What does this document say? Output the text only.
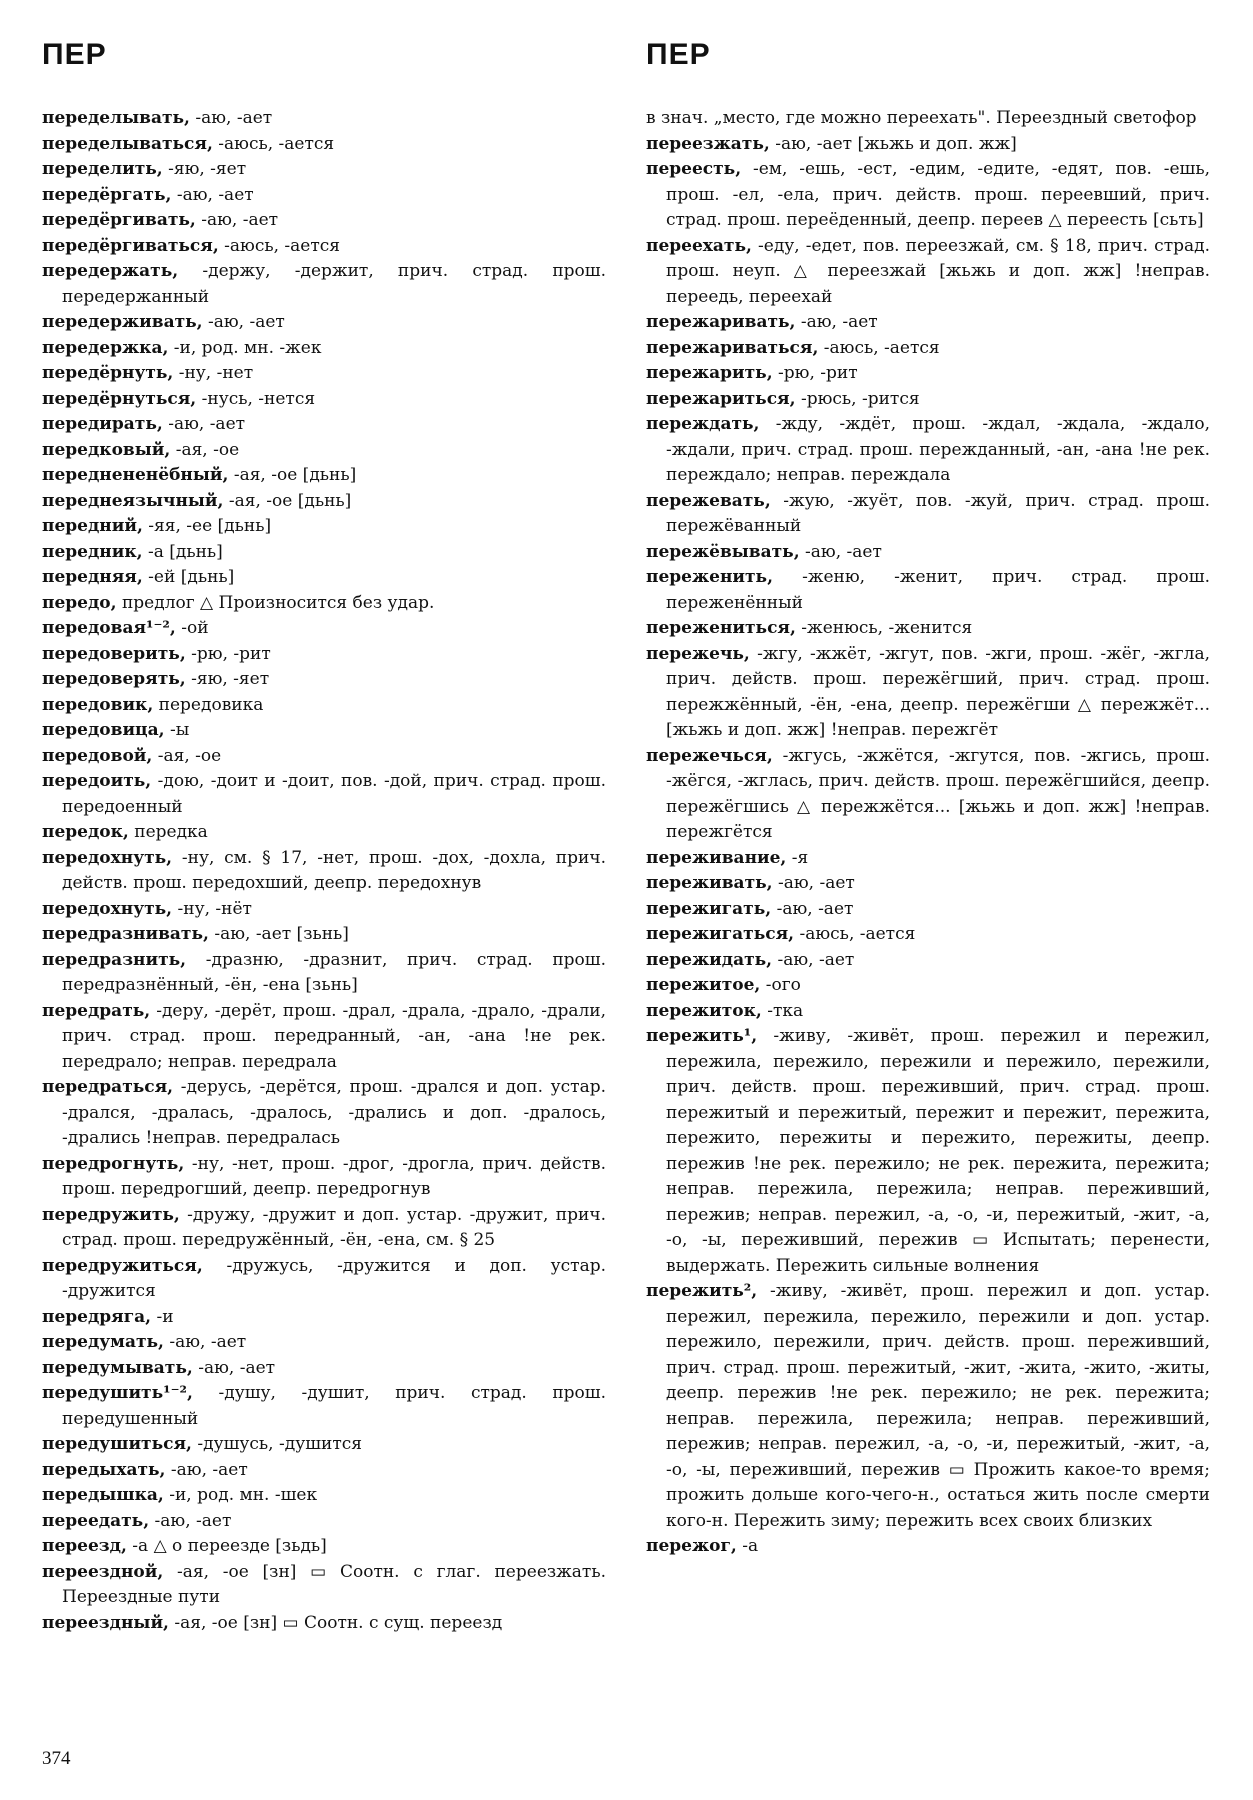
ПЕР	ПЕР

переделывать, -аю, -ает

переделываться, -аюсь, -ается

переделить, -яю, -яет

передёргать, -аю, -ает

передёргивать, -аю, -ает

передёргиваться, -аюсь, -ается

передержать, -держу, -держит, прич. страд. прош. передержанный

передерживать, -аю, -ает

передержка, -и, род. мн. -жек

передёрнуть, -ну, -нет

передёрнуться, -нусь, -нется

передирать, -аю, -ает

передковый, -ая, -ое

переднененёбный, -ая, -ое [дьнь]

переднеязычный, -ая, -ое [дьнь]

передний, -яя, -ее [дьнь]

передник, -а [дьнь]

передняя, -ей [дьнь]

передо, предлог △ Произносится без удар.

передовая¹⁻², -ой

передоверить, -рю, -рит

передоверять, -яю, -яет

передовик, передовика

передовица, -ы

передовой, -ая, -ое

передоить, -дою, -доит и -доит, пов. -дой, прич. страд. прош. передоенный

передок, передка

передохнуть, -ну, см. § 17, -нет, прош. -дох, -дохла, прич. действ. прош. передохший, деепр. передохнув

передохнуть, -ну, -нёт

передразнивать, -аю, -ает [зьнь]

передразнить, -дразню, -дразнит, прич. страд. прош. передразнённый, -ён, -ена [зьнь]

передрать, -деру, -дерёт, прош. -драл, -драла, -драло, -драли, прич. страд. прош. передранный, -ан, -ана !не рек. передрало; неправ. передрала

передраться, -дерусь, -дерётся, прош. -дрался и доп. устар. -дрался, -дралась, -дралось, -дрались и доп. -дралось, -дрались !неправ. передралась

передрогнуть, -ну, -нет, прош. -дрог, -дрогла, прич. действ. прош. передрогший, деепр. передрогнув

передружить, -дружу, -дружит и доп. устар. -дружит, прич. страд. прош. передружённый, -ён, -ена, см. § 25

передружиться, -дружусь, -дружится и доп. устар. -дружится

передряга, -и

передумать, -аю, -ает

передумывать, -аю, -ает

передушить¹⁻², -душу, -душит, прич. страд. прош. передушенный

передушиться, -душусь, -душится

передыхать, -аю, -ает

передышка, -и, род. мн. -шек

переедать, -аю, -ает

переезд, -а △ о переезде [зьдь]

переездной, -ая, -ое [зн] ▭ Соотн. с глаг. переезжать. Переездные пути

переездный, -ая, -ое [зн] ▭ Соотн. с сущ. переезд

в знач. „место, где можно переехать". Переездный светофор

переезжать, -аю, -ает [жьжь и доп. жж]

переесть, -ем, -ешь, -ест, -едим, -едите, -едят, пов. -ешь, прош. -ел, -ела, прич. действ. прош. переевший, прич. страд. прош. переёденный, деепр. переев △ переесть [сьть]

переехать, -еду, -едет, пов. переезжай, см. § 18, прич. страд. прош. неуп. △ переезжай [жьжь и доп. жж] !неправ. переедь, переехай

пережаривать, -аю, -ает

пережариваться, -аюсь, -ается

пережарить, -рю, -рит

пережариться, -рюсь, -рится

переждать, -жду, -ждёт, прош. -ждал, -ждала, -ждало, -ждали, прич. страд. прош. пережданный, -ан, -ана !не рек. переждало; неправ. переждала

пережевать, -жую, -жуёт, пов. -жуй, прич. страд. прош. пережёванный

пережёвывать, -аю, -ает

переженить, -женю, -женит, прич. страд. прош. переженённый

пережениться, -женюсь, -женится

пережечь, -жгу, -жжёт, -жгут, пов. -жги, прош. -жёг, -жгла, прич. действ. прош. пережёгший, прич. страд. прош. пережжённый, -ён, -ена, деепр. пережёгши △ пережжёт... [жьжь и доп. жж] !неправ. пережгёт

пережечься, -жгусь, -жжётся, -жгутся, пов. -жгись, прош. -жёгся, -жглась, прич. действ. прош. пережёгшийся, деепр. пережёгшись △ пережжётся... [жьжь и доп. жж] !неправ. пережгётся

переживание, -я

переживать, -аю, -ает

пережигать, -аю, -ает

пережигаться, -аюсь, -ается

пережидать, -аю, -ает

пережитое, -ого

пережиток, -тка

пережить¹, -живу, -живёт, прош. пережил и пережил, пережила, пережило, пережили и пережило, пережили, прич. действ. прош. переживший, прич. страд. прош. пережитый и пережитый, пережит и пережит, пережита, пережито, пережиты и пережито, пережиты, деепр. пережив !не рек. пережило; не рек. пережита, пережита; неправ. пережила, пережила; неправ. переживший, пережив; неправ. пережил, -а, -о, -и, пережитый, -жит, -а, -о, -ы, переживший, пережив ▭ Испытать; перенести, выдержать. Пережить сильные волнения

пережить², -живу, -живёт, прош. пережил и доп. устар. пережил, пережила, пережило, пережили и доп. устар. пережило, пережили, прич. действ. прош. переживший, прич. страд. прош. пережитый, -жит, -жита, -жито, -житы, деепр. пережив !не рек. пережило; не рек. пережита; неправ. пережила, пережила; неправ. переживший, пережив; неправ. пережил, -а, -о, -и, пережитый, -жит, -а, -о, -ы, переживший, пережив ▭ Прожить какое-то время; прожить дольше кого-чего-н., остаться жить после смерти кого-н. Пережить зиму; пережить всех своих близких

пережог, -а

374
